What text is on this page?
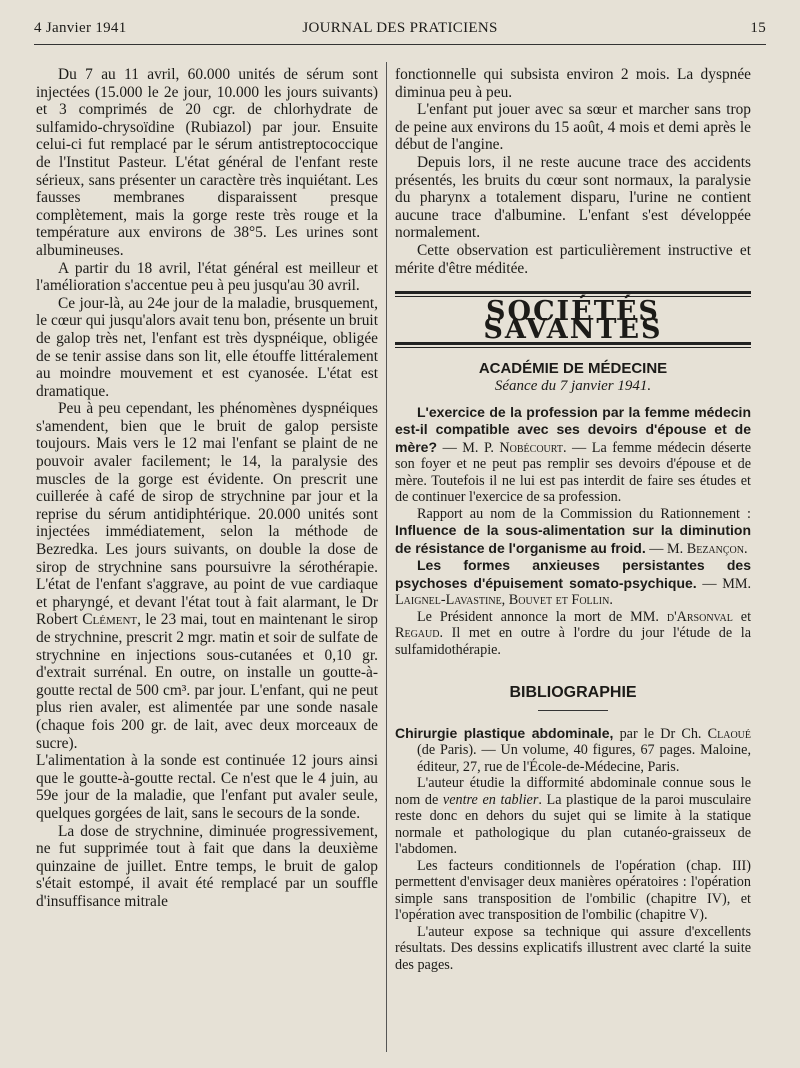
4 Janvier 1941	JOURNAL DES PRATICIENS	15

Du 7 au 11 avril, 60.000 unités de sérum sont injectées (15.000 le 2e jour, 10.000 les jours suivants) et 3 comprimés de 20 cgr. de chlorhydrate de sulfamido-chrysoïdine (Rubiazol) par jour. Ensuite celui-ci fut remplacé par le sérum antistreptococcique de l'Institut Pasteur. L'état général de l'enfant reste sérieux, sans présenter un caractère très inquiétant. Les fausses membranes disparaissent presque complètement, mais la gorge reste très rouge et la température aux environs de 38°5. Les urines sont albumineuses.

A partir du 18 avril, l'état général est meilleur et l'amélioration s'accentue peu à peu jusqu'au 30 avril.

Ce jour-là, au 24e jour de la maladie, brusquement, le cœur qui jusqu'alors avait tenu bon, présente un bruit de galop très net, l'enfant est très dyspnéique, obligée de se tenir assise dans son lit, elle étouffe littéralement au moindre mouvement et est cyanosée. L'état est dramatique.

Peu à peu cependant, les phénomènes dyspnéiques s'amendent, bien que le bruit de galop persiste toujours. Mais vers le 12 mai l'enfant se plaint de ne pouvoir avaler facilement; le 14, la paralysie des muscles de la gorge est évidente. On prescrit une cuillerée à café de sirop de strychnine par jour et la reprise du sérum antidiphtérique. 20.000 unités sont injectées immédiatement, selon la méthode de Bezredka. Les jours suivants, on double la dose de sirop de strychnine sans poursuivre la sérothérapie. L'état de l'enfant s'aggrave, au point de vue cardiaque et pharyngé, et devant l'état tout à fait alarmant, le Dr Robert Clément, le 23 mai, tout en maintenant le sirop de strychnine, prescrit 2 mgr. matin et soir de sulfate de strychnine en injections sous-cutanées et 0,10 gr. d'extrait surrénal. En outre, on installe un goutte-à-goutte rectal de 500 cm³. par jour. L'enfant, qui ne peut plus rien avaler, est alimentée par une sonde nasale (chaque fois 200 gr. de lait, avec deux morceaux de sucre).

L'alimentation à la sonde est continuée 12 jours ainsi que le goutte-à-goutte rectal. Ce n'est que le 4 juin, au 59e jour de la maladie, que l'enfant put avaler seule, quelques gorgées de lait, sans le secours de la sonde.

La dose de strychnine, diminuée progressivement, ne fut supprimée tout à fait que dans la deuxième quinzaine de juillet. Entre temps, le bruit de galop s'était estompé, il avait été remplacé par un souffle d'insuffisance mitrale

fonctionnelle qui subsista environ 2 mois. La dyspnée diminua peu à peu.

L'enfant put jouer avec sa sœur et marcher sans trop de peine aux environs du 15 août, 4 mois et demi après le début de l'angine.

Depuis lors, il ne reste aucune trace des accidents présentés, les bruits du cœur sont normaux, la paralysie du pharynx a totalement disparu, l'urine ne contient aucune trace d'albumine. L'enfant s'est développée normalement.

Cette observation est particulièrement instructive et mérite d'être méditée.

SOCIÉTÉS SAVANTES
ACADÉMIE DE MÉDECINE
Séance du 7 janvier 1941.

L'exercice de la profession par la femme médecin est-il compatible avec ses devoirs d'épouse et de mère? — M. P. Nobécourt. — La femme médecin déserte son foyer et ne peut pas remplir ses devoirs d'épouse et de mère. Toutefois il ne lui est pas interdit de faire ses études et de continuer l'exercice de sa profession.

Rapport au nom de la Commission du Rationnement : Influence de la sous-alimentation sur la diminution de résistance de l'organisme au froid. — M. Bezançon.

Les formes anxieuses persistantes des psychoses d'épuisement somato-psychique. — MM. Laignel-Lavastine, Bouvet et Follin.

Le Président annonce la mort de MM. d'Arsonval et Regaud. Il met en outre à l'ordre du jour l'étude de la sulfamidothérapie.

BIBLIOGRAPHIE

Chirurgie plastique abdominale, par le Dr Ch. Claoué (de Paris). — Un volume, 40 figures, 67 pages. Maloine, éditeur, 27, rue de l'École-de-Médecine, Paris.

L'auteur étudie la difformité abdominale connue sous le nom de ventre en tablier. La plastique de la paroi musculaire reste donc en dehors du sujet qui se limite à la statique normale et pathologique du plan cutanéo-graisseux de l'abdomen.

Les facteurs conditionnels de l'opération (chap. III) permettent d'envisager deux manières opératoires : l'opération simple sans transposition de l'ombilic (chapitre IV), et l'opération avec transposition de l'ombilic (chapitre V).

L'auteur expose sa technique qui assure d'excellents résultats. Des dessins explicatifs illustrent avec clarté la suite des pages.
